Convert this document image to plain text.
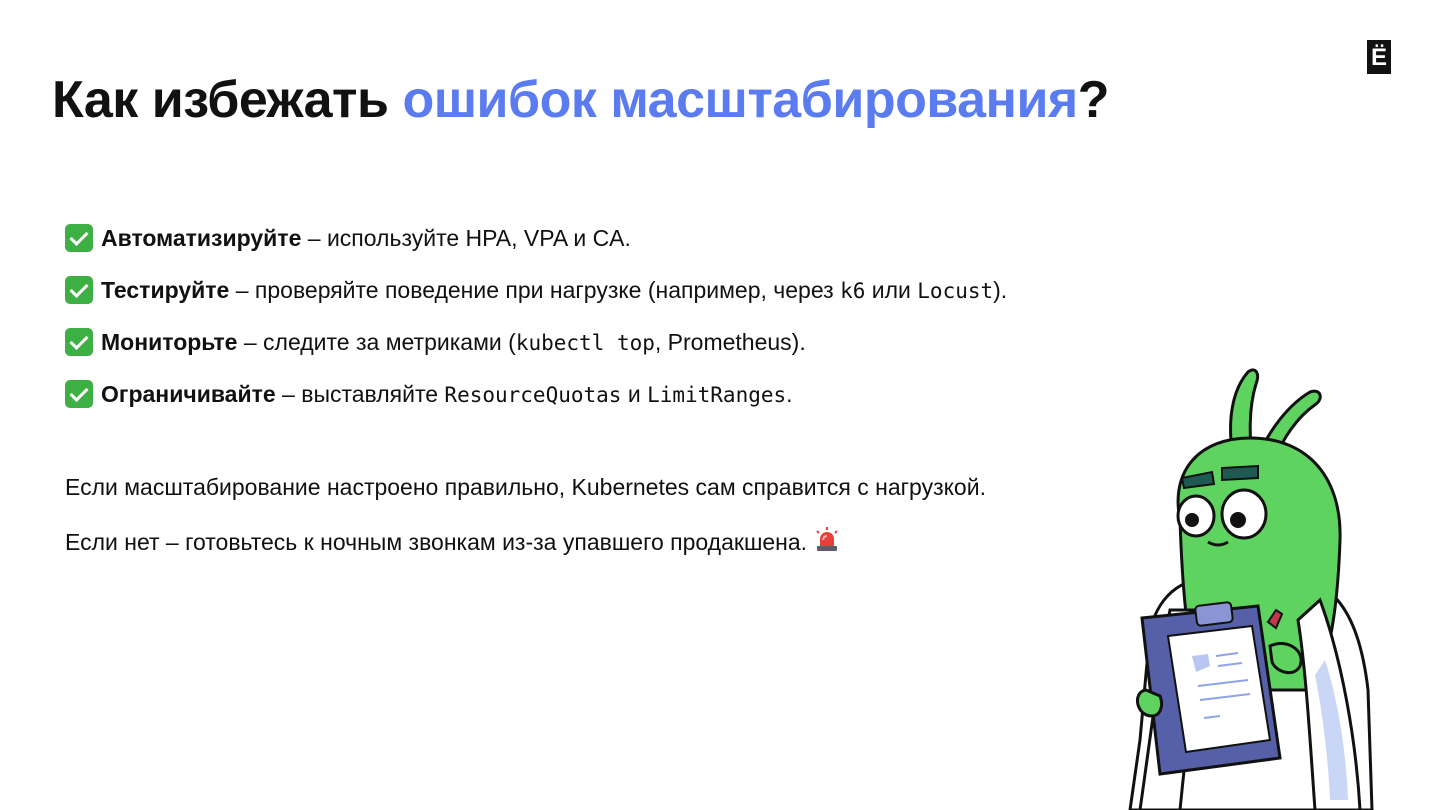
Ё
Как избежать ошибок масштабирования?
Автоматизируйте – используйте HPA, VPA и CA.
Тестируйте – проверяйте поведение при нагрузке (например, через k6 или Locust).
Мониторьте – следите за метриками (kubectl top, Prometheus).
Ограничивайте – выставляйте ResourceQuotas и LimitRanges.

Если масштабирование настроено правильно, Kubernetes сам справится с нагрузкой.

Если нет – готовьтесь к ночным звонкам из-за упавшего продакшена.
